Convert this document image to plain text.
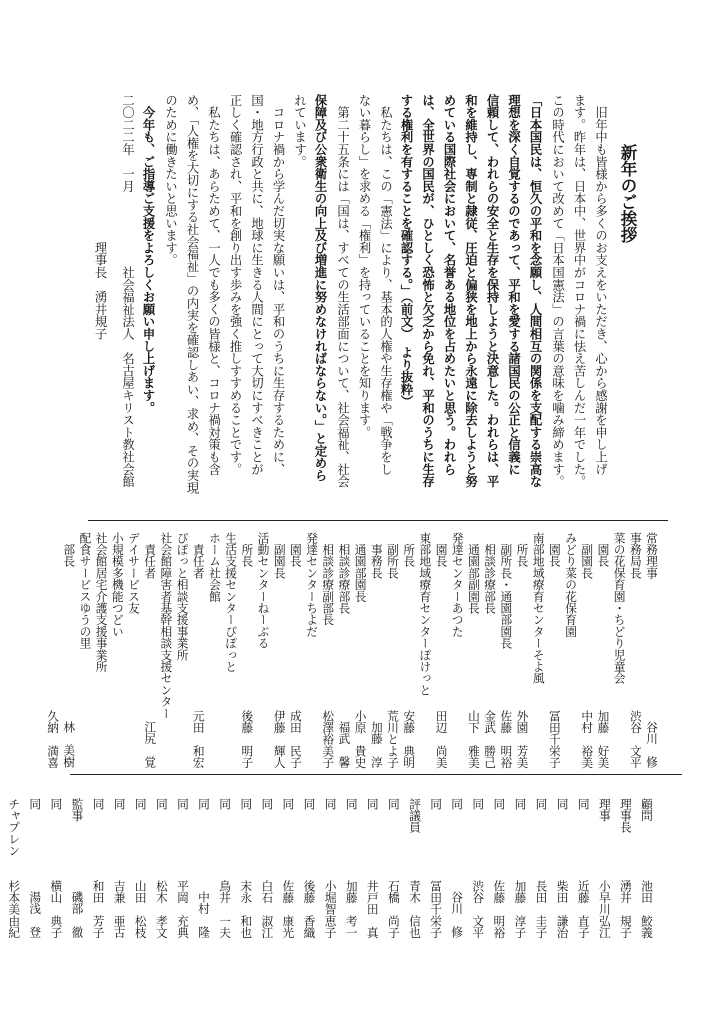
新年のご挨拶
　旧年中も皆様から多くのお支えをいただき、心から感謝を申し上げ
ます。昨年は、日本中、世界中がコロナ禍に怯え苦しんだ一年でした。
この時代において改めて「日本国憲法」の言葉の意味を噛み締めます。
「日本国民は、恒久の平和を念願し、人間相互の関係を支配する崇高な
理想を深く自覚するのであって、平和を愛する諸国民の公正と信義に
信頼して、われらの安全と生存を保持しようと決意した。われらは、平
和を維持し、専制と隷従、圧迫と偏狭を地上から永遠に除去しようと努
めている国際社会において、名誉ある地位を占めたいと思う。われら
は、全世界の国民が、ひとしく恐怖と欠乏から免れ、平和のうちに生存
する権利を有することを確認する。」（前文）　より抜粋）
　私たちは、この「憲法」により、基本的人権や生存権や「戦争をし
ない暮らし」を求める「権利」を持っていることを知ります。
　第二十五条には「国は、すべての生活部面について、社会福祉、社会
保障及び公衆衛生の向上及び増進に努めなければならない。」と定めら
れています。
　コロナ禍から学んだ切実な願いは、平和のうちに生存するために、
国・地方行政と共に、地球に生きる人間にとって大切にすべきことが
正しく確認され、平和を創り出す歩みを強く推しすすめることです。
　私たちは、あらためて、一人でも多くの皆様と、コロナ禍対策も含
め、「人権を大切にする社会福祉」の内実を確認しあい、求め、その実現
のために働きたいと思います。
　今年も、ご指導ご支援をよろしくお願い申し上げます。
二〇二二年　一月　　　　　　社会福祉法人　名古屋キリスト教社会館
　　　　　　　　　　　　理事長　湧井規子
常務理事
谷川　修
事務局長
渋谷　文平
菜の花保育園・ちどり児童会
　園長
加藤　好美
　副園長
中村　裕美
みどり菜の花保育園
　園長
冨田千栄子
南部地域療育センターそよ風
　所長
外園　芳美
　副所長・通園部園長
佐藤　明裕
　相談診療部長
金武　勝己
　通園部副園長
山下　雅美
発達センターあつた
　園長
田辺　尚美
東部地域療育センターぽけっと
　所長
安藤　典明
　副所長
荒川とよ子
　事務長
加藤　淳
　通園部園長
小原　貴史
　相談診療部長
福武　馨
　相談診療副部長
松澤裕美子
発達センターちよだ
　園長
成田　民子
　副園長
伊藤　輝人
活動センターねーぶる
　所長
後藤　明子
生活支援センターぴぽっと
ホーム社会館
　責任者
元田　和宏
ぴぽっと相談支援事業所
社会館障害者基幹相談支援センター
　責任者
江尻　覚
デイサービス友
小規模多機能つどい
社会館居宅介護支援事業所
配食サービスゆうの里
　部長
林　美樹
久納　満喜
顧問
池田　鮫義
理事長
湧井　規子
理事
小早川弘江
同
近藤　直子
同
柴田　謙治
同
長田　圭子
同
加藤　淳子
同
佐藤　明裕
同
渋谷　文平
同
谷川　修
同
冨田千栄子
評議員
青木　信也
同
石橋　尚子
同
井戸田　真
同
加藤　考一
同
小堀智恵子
同
後藤　香織
同
佐藤　康光
同
白石　淑江
同
末永　和也
同
鳥井　一夫
同
中村　隆
同
平岡　充典
同
松木　孝文
同
山田　松枝
同
吉兼　亜古
同
和田　芳子
監事
磯部　徹
同
横山　典子
同
湯浅　登
チャプレン
杉本美由紀
